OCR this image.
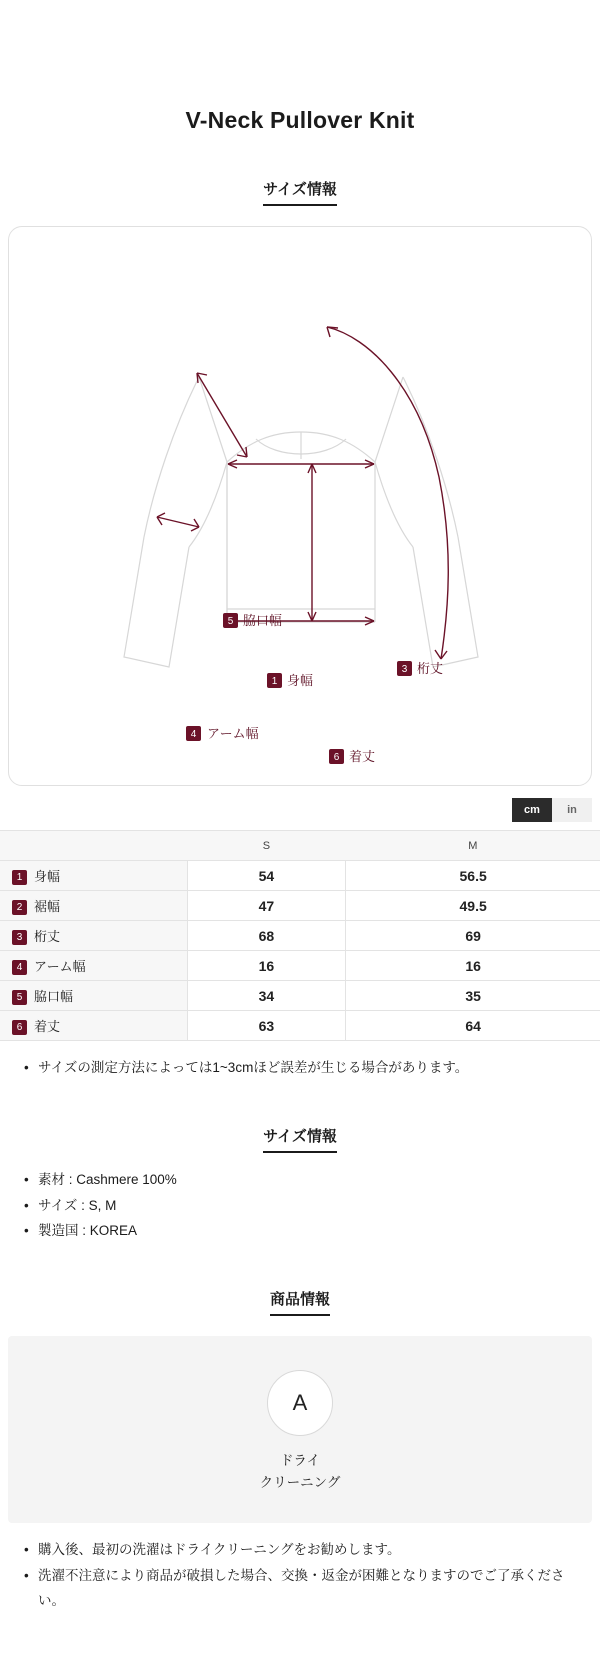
V-Neck Pullover Knit
サイズ情報
5 脇口幅
1 身幅
3 桁丈
4 アーム幅
6 着丈
cm	in
	S	M
1 身幅	54	56.5
2 裾幅	47	49.5
3 桁丈	68	69
4 アーム幅	16	16
5 脇口幅	34	35
6 着丈	63	64
• サイズの測定方法によっては1~3cmほど誤差が生じる場合があります。
サイズ情報
• 素材 : Cashmere 100%
• サイズ : S, M
• 製造国 : KOREA
商品情報
A
ドライ
クリーニング
• 購入後、最初の洗濯はドライクリーニングをお勧めします。
• 洗濯不注意により商品が破損した場合、交換・返金が困難となりますのでご了承ください。
